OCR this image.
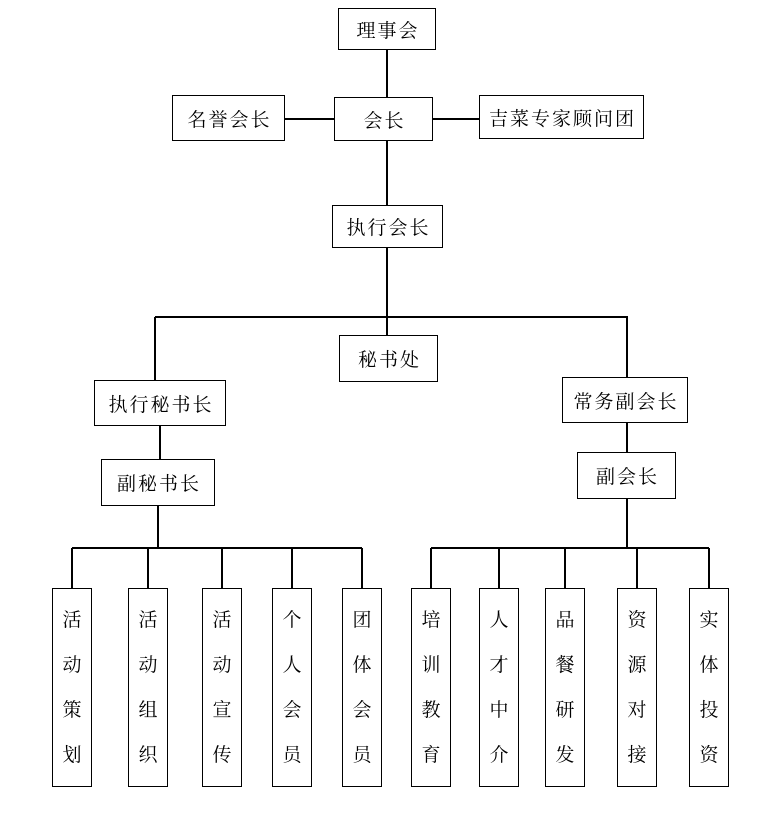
理事会
会长
名誉会长	吉菜专家顾问团
执行会长
秘书处
执行秘书长	常务副会长
副秘书长	副会长
活动策划
活动组织
活动宣传
个人会员
团体会员
培训教育
人才中介
品餐研发
资源对接
实体投资
